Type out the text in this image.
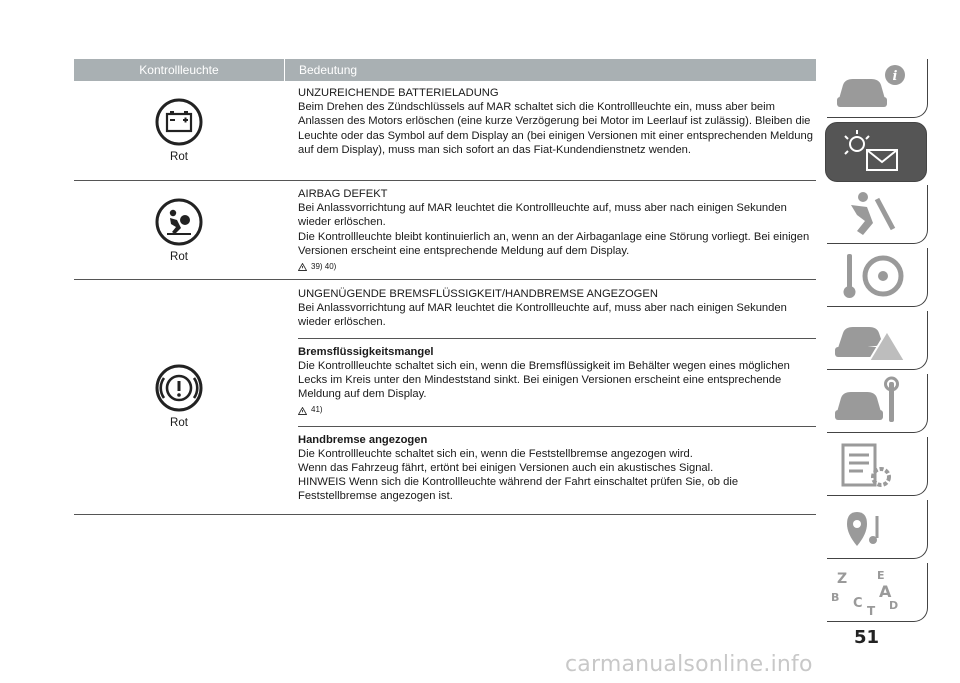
Kontrollleuchte	Bedeutung
Rot
UNZUREICHENDE BATTERIELADUNG
Beim Drehen des Zündschlüssels auf MAR schaltet sich die Kontrollleuchte ein, muss aber beim Anlassen des Motors erlöschen (eine kurze Verzögerung bei Motor im Leerlauf ist zulässig). Bleiben die Leuchte oder das Symbol auf dem Display an (bei einigen Versionen mit einer entsprechenden Meldung auf dem Display), muss man sich sofort an das Fiat-Kundendienstnetz wenden.
Rot
AIRBAG DEFEKT
Bei Anlassvorrichtung auf MAR leuchtet die Kontrollleuchte auf, muss aber nach einigen Sekunden wieder erlöschen.
Die Kontrollleuchte bleibt kontinuierlich an, wenn an der Airbaganlage eine Störung vorliegt. Bei einigen Versionen erscheint eine entsprechende Meldung auf dem Display.
39) 40)
Rot
UNGENÜGENDE BREMSFLÜSSIGKEIT/HANDBREMSE ANGEZOGEN
Bei Anlassvorrichtung auf MAR leuchtet die Kontrollleuchte auf, muss aber nach einigen Sekunden wieder erlöschen.
Bremsflüssigkeitsmangel
Die Kontrollleuchte schaltet sich ein, wenn die Bremsflüssigkeit im Behälter wegen eines möglichen Lecks im Kreis unter den Mindeststand sinkt. Bei einigen Versionen erscheint eine entsprechende Meldung auf dem Display.
41)
Handbremse angezogen
Die Kontrollleuchte schaltet sich ein, wenn die Feststellbremse angezogen wird.
Wenn das Fahrzeug fährt, ertönt bei einigen Versionen auch ein akustisches Signal.
HINWEIS Wenn sich die Kontrollleuchte während der Fahrt einschaltet prüfen Sie, ob die Feststellbremse angezogen ist.
i
Z	E
A
B C T D
51
carmanualsonline.info
